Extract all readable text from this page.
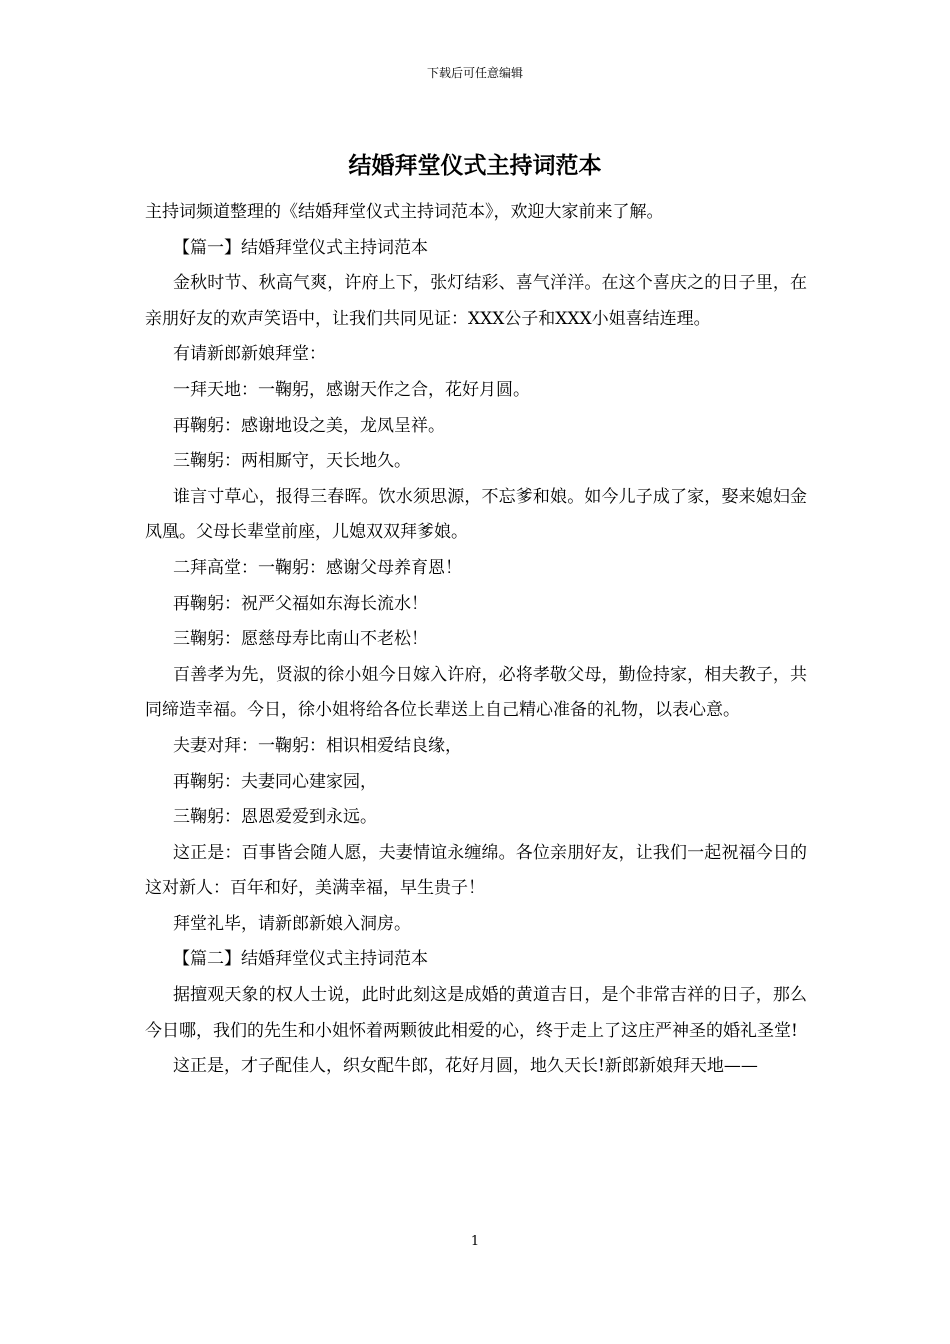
下载后可任意编辑
结婚拜堂仪式主持词范本

主持词频道整理的《结婚拜堂仪式主持词范本》，欢迎大家前来了解。

【篇一】结婚拜堂仪式主持词范本

金秋时节、秋高气爽，许府上下，张灯结彩、喜气洋洋。在这个喜庆之的日子里，在亲朋好友的欢声笑语中，让我们共同见证：XXX公子和XXX小姐喜结连理。

有请新郎新娘拜堂：

一拜天地：一鞠躬，感谢天作之合，花好月圆。

再鞠躬：感谢地设之美，龙凤呈祥。

三鞠躬：两相厮守，天长地久。

谁言寸草心，报得三春晖。饮水须思源，不忘爹和娘。如今儿子成了家，娶来媳妇金凤凰。父母长辈堂前座，儿媳双双拜爹娘。

二拜高堂：一鞠躬：感谢父母养育恩！

再鞠躬：祝严父福如东海长流水！

三鞠躬：愿慈母寿比南山不老松！

百善孝为先，贤淑的徐小姐今日嫁入许府，必将孝敬父母，勤俭持家，相夫教子，共同缔造幸福。今日，徐小姐将给各位长辈送上自己精心准备的礼物，以表心意。

夫妻对拜：一鞠躬：相识相爱结良缘，

再鞠躬：夫妻同心建家园，

三鞠躬：恩恩爱爱到永远。

这正是：百事皆会随人愿，夫妻情谊永缠绵。各位亲朋好友，让我们一起祝福今日的这对新人：百年和好，美满幸福，早生贵子！

拜堂礼毕，请新郎新娘入洞房。

【篇二】结婚拜堂仪式主持词范本

据擅观天象的权人士说，此时此刻这是成婚的黄道吉日，是个非常吉祥的日子，那么今日哪，我们的先生和小姐怀着两颗彼此相爱的心，终于走上了这庄严神圣的婚礼圣堂!

这正是，才子配佳人，织女配牛郎，花好月圆，地久天长!新郎新娘拜天地——

1
